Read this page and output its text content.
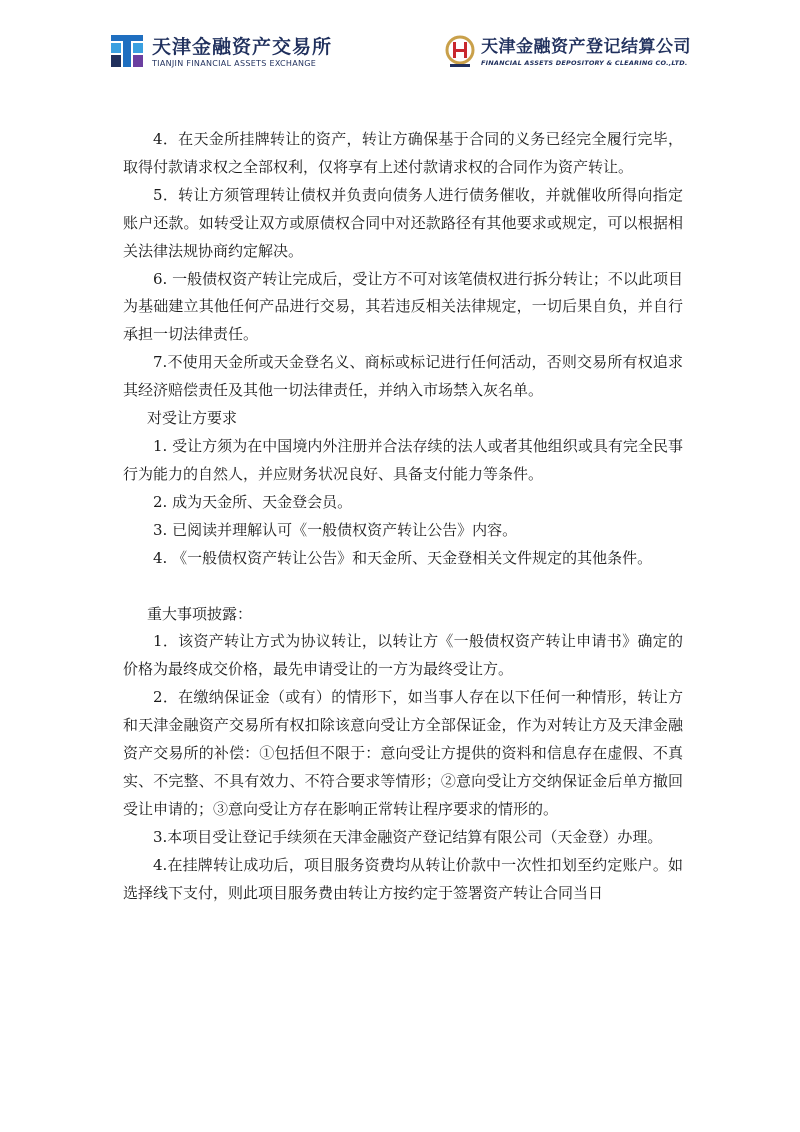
天津金融资产交易所
TIANJIN FINANCIAL ASSETS EXCHANGE
天津金融资产登记结算公司
FINANCIAL ASSETS DEPOSITORY & CLEARING CO.,LTD.

4．在天金所挂牌转让的资产，转让方确保基于合同的义务已经完全履行完毕，取得付款请求权之全部权利，仅将享有上述付款请求权的合同作为资产转让。

5．转让方须管理转让债权并负责向债务人进行债务催收，并就催收所得向指定账户还款。如转受让双方或原债权合同中对还款路径有其他要求或规定，可以根据相关法律法规协商约定解决。

6. 一般债权资产转让完成后，受让方不可对该笔债权进行拆分转让；不以此项目为基础建立其他任何产品进行交易，其若违反相关法律规定，一切后果自负，并自行承担一切法律责任。

7.不使用天金所或天金登名义、商标或标记进行任何活动，否则交易所有权追求其经济赔偿责任及其他一切法律责任，并纳入市场禁入灰名单。

对受让方要求

1. 受让方须为在中国境内外注册并合法存续的法人或者其他组织或具有完全民事行为能力的自然人，并应财务状况良好、具备支付能力等条件。

2. 成为天金所、天金登会员。

3. 已阅读并理解认可《一般债权资产转让公告》内容。

4. 《一般债权资产转让公告》和天金所、天金登相关文件规定的其他条件。

重大事项披露：

1．该资产转让方式为协议转让，以转让方《一般债权资产转让申请书》确定的价格为最终成交价格，最先申请受让的一方为最终受让方。

2．在缴纳保证金（或有）的情形下，如当事人存在以下任何一种情形，转让方和天津金融资产交易所有权扣除该意向受让方全部保证金，作为对转让方及天津金融资产交易所的补偿：①包括但不限于：意向受让方提供的资料和信息存在虚假、不真实、不完整、不具有效力、不符合要求等情形；②意向受让方交纳保证金后单方撤回受让申请的；③意向受让方存在影响正常转让程序要求的情形的。

3.本项目受让登记手续须在天津金融资产登记结算有限公司（天金登）办理。

4.在挂牌转让成功后，项目服务资费均从转让价款中一次性扣划至约定账户。如选择线下支付，则此项目服务费由转让方按约定于签署资产转让合同当日
